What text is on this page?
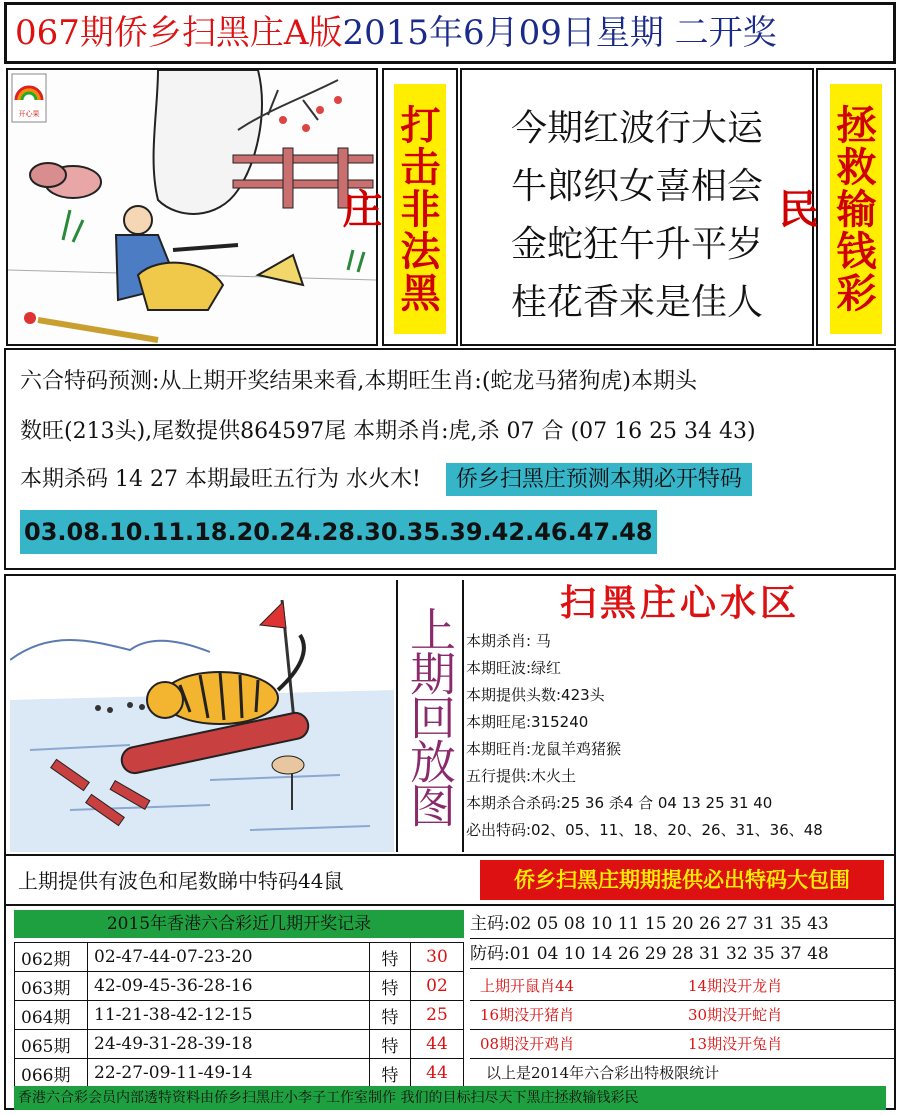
067期侨乡扫黑庄A版2015年6月09日星期 二开奖
开心果	打击非法黑庄
今期红波行大运
牛郎织女喜相会
金蛇狂午升平岁
桂花香来是佳人	拯救输钱彩民
六合特码预测:从上期开奖结果来看,本期旺生肖:(蛇龙马猪狗虎)本期头
数旺(213头),尾数提供864597尾 本期杀肖:虎,杀 07 合 (07 16 25 34 43)
本期杀码 14 27 本期最旺五行为 水火木! 侨乡扫黑庄预测本期必开特码
03.08.10.11.18.20.24.28.30.35.39.42.46.47.48
上期回放图
扫黑庄心水区
本期杀肖: 马
本期旺波:绿红
本期提供头数:423头
本期旺尾:315240
本期旺肖:龙鼠羊鸡猪猴
五行提供:木火土
本期杀合杀码:25 36 杀4 合 04 13 25 31 40
必出特码:02、05、11、18、20、26、31、36、48
上期提供有波色和尾数睇中特码44鼠	侨乡扫黑庄期期提供必出特码大包围
2015年香港六合彩近几期开奖记录
062期	02-47-44-07-23-20	特	30
063期	42-09-45-36-28-16	特	02
064期	11-21-38-42-12-15	特	25
065期	24-49-31-28-39-18	特	44
066期	22-27-09-11-49-14	特	44
主码:02 05 08 10 11 15 20 26 27 31 35 43
防码:01 04 10 14 26 29 28 31 32 35 37 48
上期开鼠肖44	14期没开龙肖
16期没开猪肖	30期没开蛇肖
08期没开鸡肖	13期没开兔肖
以上是2014年六合彩出特极限统计
香港六合彩会员内部透特资料由侨乡扫黑庄小李子工作室制作 我们的目标扫尽天下黑庄拯救输钱彩民
